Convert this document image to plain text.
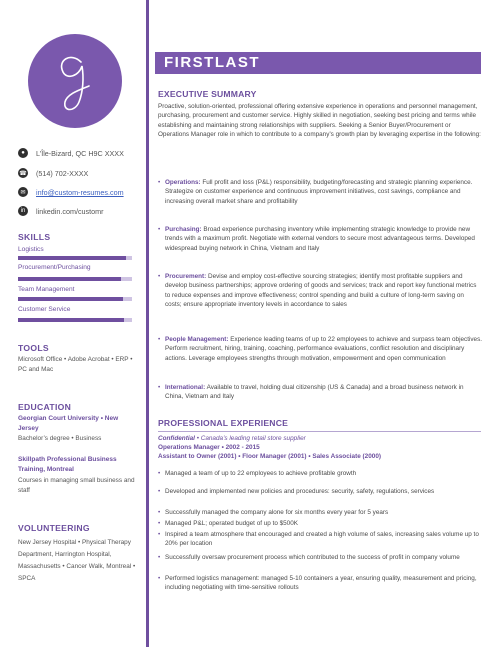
●	L’Île-Bizard, QC H9C XXXX
☎ (514) 702-XXXX
✉	info@custom-resumes.com
in	linkedin.com/customr
SKILLS
Logistics
Procurement/Purchasing
Team Management
Customer Service
TOOLS
Microsoft Office • Adobe Acrobat • ERP • PC and Mac
EDUCATION
Georgian Court University • New Jersey
Bachelor’s degree • Business
Skillpath Professional Business Training, Montreal
Courses in managing small business and staff
VOLUNTEERING
New Jersey Hospital • Physical Therapy Department, Harrington Hospital, Massachusetts • Cancer Walk, Montreal • SPCA
FIRSTLAST
EXECUTIVE SUMMARY
Proactive, solution-oriented, professional offering extensive experience in operations and personnel management, purchasing, procurement and customer service. Highly skilled in negotiation, seeking best pricing and terms while establishing and maintaining strong relationships with suppliers. Seeking a Senior Buyer/Procurement or Operations Manager role in which to contribute to a company’s growth plan by leveraging expertise in the following:
• Operations: Full profit and loss (P&L) responsibility, budgeting/forecasting and strategic planning experience. Strategize on customer experience and continuous improvement initiatives, cost savings, compliance and increasing overall market share and profitability
• Purchasing: Broad experience purchasing inventory while implementing strategic knowledge to provide new trends with a maximum profit. Negotiate with external vendors to secure most advantageous terms. Developed widespread buying network in China, Vietnam and Italy
• Procurement: Devise and employ cost-effective sourcing strategies; identify most profitable suppliers and develop business partnerships; approve ordering of goods and services; track and report key functional metrics to reduce expenses and improve effectiveness; control spending and build a culture of long-term saving on costs; ensure appropriate inventory levels in accordance to sales
• People Management: Experience leading teams of up to 22 employees to achieve and surpass team objectives. Perform recruitment, hiring, training, coaching, performance evaluations, conflict resolution and disciplinary actions. Leverage employees strengths through motivation, empowerment and open communication
• International: Available to travel, holding dual citizenship (US & Canada) and a broad business network in China, Vietnam and Italy
PROFESSIONAL EXPERIENCE
Confidential • Canada’s leading retail store supplier
Operations Manager • 2002 - 2015
Assistant to Owner (2001) • Floor Manager (2001) • Sales Associate (2000)
• Managed a team of up to 22 employees to achieve profitable growth
• Developed and implemented new policies and procedures: security, safety, regulations, services
• Successfully managed the company alone for six months every year for 5 years
• Managed P&L; operated budget of up to $500K
• Inspired a team atmosphere that encouraged and created a high volume of sales, increasing sales volume up to 20% per location
• Successfully oversaw procurement process which contributed to the success of profit in company volume
• Performed logistics management: managed 5-10 containers a year, ensuring quality, measurement and pricing, including negotiating with time-sensitive rollouts
